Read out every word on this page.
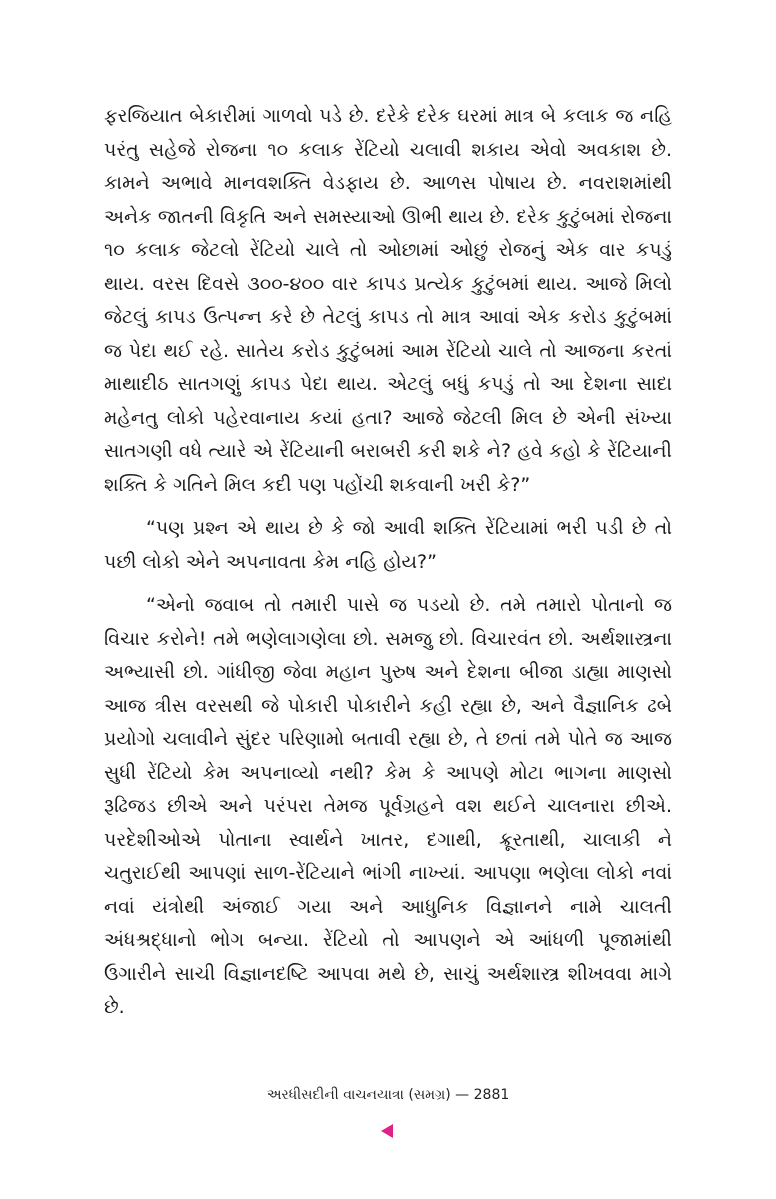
ફરજિયાત બેકારીમાં ગાળવો પડે છે. દરેકે દરેક ઘરમાં માત્ર બે કલાક જ નહિ પરંતુ સહેજે રોજના ૧૦ કલાક રેંટિયો ચલાવી શકાય એવો અવકાશ છે. કામને અભાવે માનવશક્તિ વેડફાય છે. આળસ પોષાય છે. નવરાશમાંથી અનેક જાતની વિકૃતિ અને સમસ્યાઓ ઊભી થાય છે. દરેક કુટુંબમાં રોજના ૧૦ કલાક જેટલો રેંટિયો ચાલે તો ઓછામાં ઓછું રોજનું એક વાર કપડું થાય. વરસ દિવસે ૩૦૦-૪૦૦ વાર કાપડ પ્રત્યેક કુટુંબમાં થાય. આજે મિલો જેટલું કાપડ ઉત્પન્ન કરે છે તેટલું કાપડ તો માત્ર આવાં એક કરોડ કુટુંબમાં જ પેદા થઈ રહે. સાતેય કરોડ કુટુંબમાં આમ રેંટિયો ચાલે તો આજના કરતાં માથાદીઠ સાતગણું કાપડ પેદા થાય. એટલું બધું કપડું તો આ દેશના સાદા મહેનતુ લોકો પહેરવાનાય કયાં હતા? આજે જેટલી મિલ છે એની સંખ્યા સાતગણી વધે ત્યારે એ રેંટિયાની બરાબરી કરી શકે ને? હવે કહો કે રેંટિયાની શક્તિ કે ગતિને મિલ કદી પણ પહોંચી શકવાની ખરી કે?”

“પણ પ્રશ્ન એ થાય છે કે જો આવી શક્તિ રેંટિયામાં ભરી પડી છે તો પછી લોકો એને અપનાવતા કેમ નહિ હોય?”

“એનો જવાબ તો તમારી પાસે જ પડયો છે. તમે તમારો પોતાનો જ વિચાર કરોને! તમે ભણેલાગણેલા છો. સમજુ છો. વિચારવંત છો. અર્થશાસ્ત્રના અભ્યાસી છો. ગાંધીજી જેવા મહાન પુરુષ અને દેશના બીજા ડાહ્યા માણસો આજ ત્રીસ વરસથી જે પોકારી પોકારીને કહી રહ્યા છે, અને વૈજ્ઞાનિક ઢબે પ્રયોગો ચલાવીને સુંદર પરિણામો બતાવી રહ્યા છે, તે છતાં તમે પોતે જ આજ સુધી રેંટિયો કેમ અપનાવ્યો નથી? કેમ કે આપણે મોટા ભાગના માણસો રૂઢિજડ છીએ અને પરંપરા તેમજ પૂર્વગ્રહને વશ થઈને ચાલનારા છીએ. પરદેશીઓએ પોતાના સ્વાર્થને ખાતર, દગાથી, ક્રૂરતાથી, ચાલાકી ને ચતુરાઈથી આપણાં સાળ-રેંટિયાને ભાંગી નાખ્યાં. આપણા ભણેલા લોકો નવાં નવાં યંત્રોથી અંજાઈ ગયા અને આધુનિક વિજ્ઞાનને નામે ચાલતી અંધશ્રદ્ધાનો ભોગ બન્યા. રેંટિયો તો આપણને એ આંધળી પૂજામાંથી ઉગારીને સાચી વિજ્ઞાનદષ્ટિ આપવા મથે છે, સાચું અર્થશાસ્ત્ર શીખવવા માગે છે.

અરધીસદીની વાચનયાત્રા (સમગ્ર) — 2881
